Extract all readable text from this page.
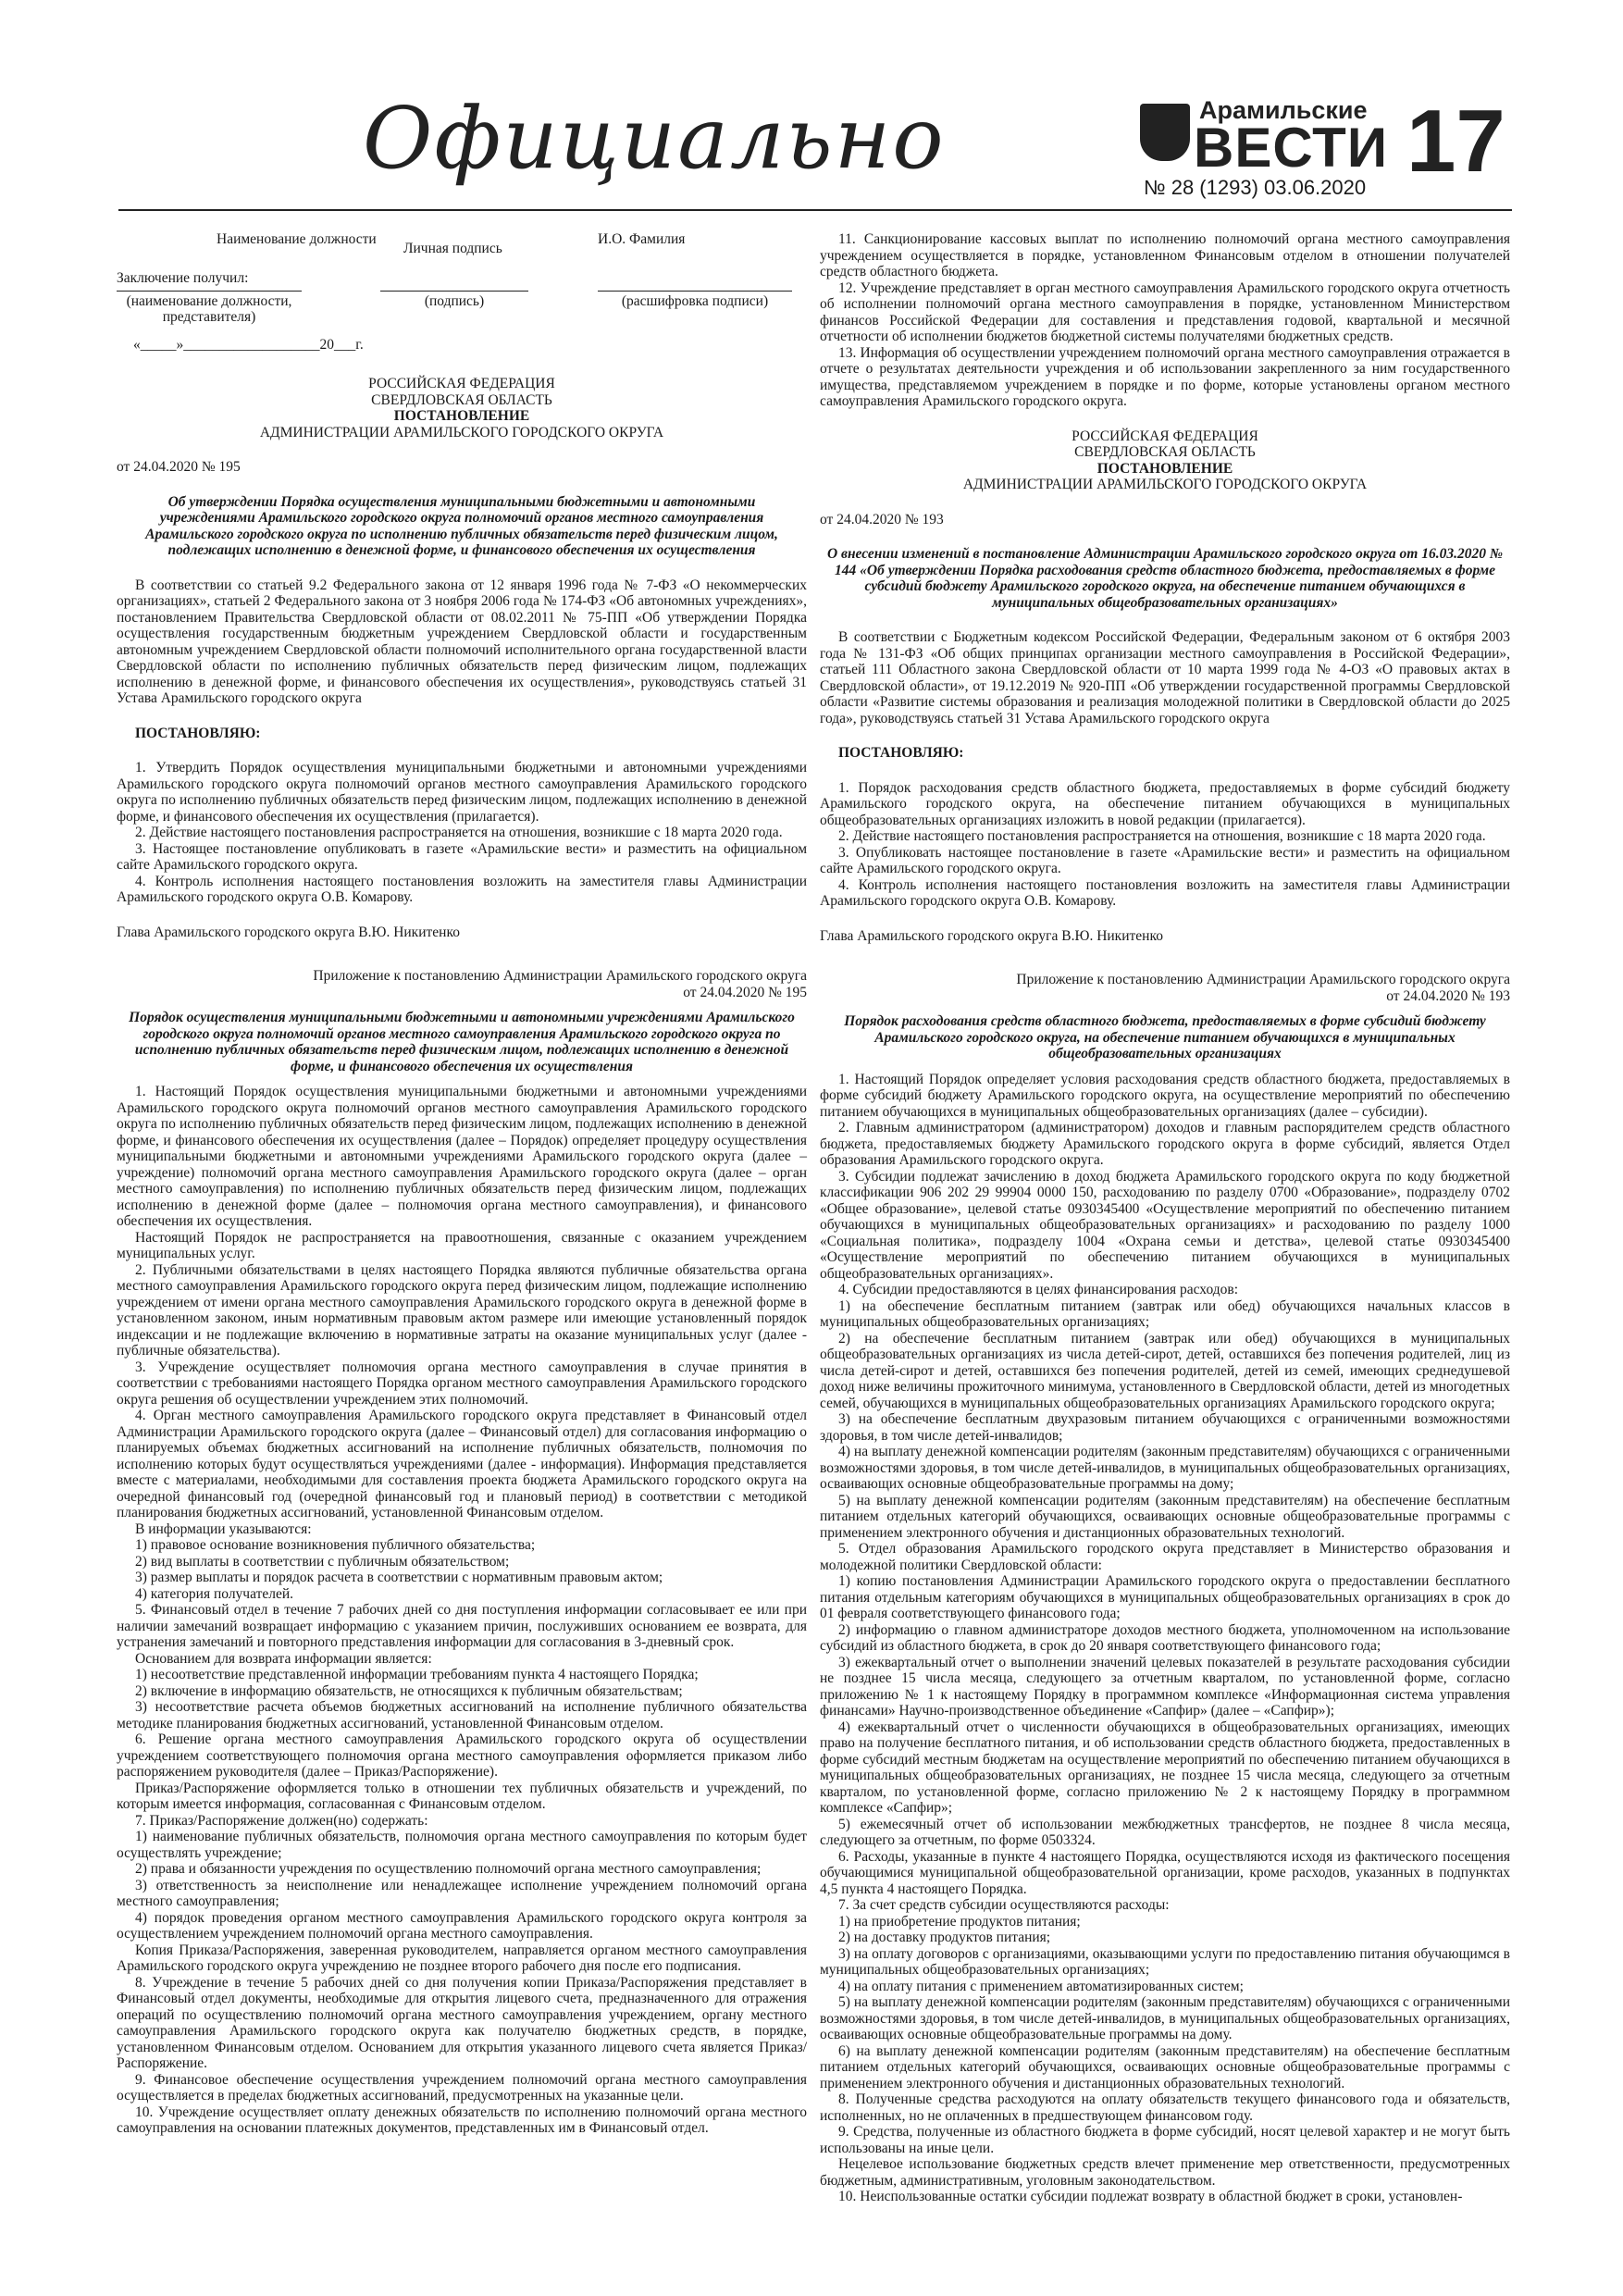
Официально	Арамильские
ВЕСТИ
№ 28 (1293) 03.06.2020 17
Наименование должности
Личная подпись
И.О. Фамилия
Заключение получил:
(наименование должности, представителя)
(подпись)	(расшифровка подписи)
«_____»___________________20___г.

РОССИЙСКАЯ ФЕДЕРАЦИЯ

СВЕРДЛОВСКАЯ ОБЛАСТЬ

ПОСТАНОВЛЕНИЕ

АДМИНИСТРАЦИИ АРАМИЛЬСКОГО ГОРОДСКОГО ОКРУГА

от 24.04.2020 № 195

Об утверждении Порядка осуществления муниципальными бюджетными и автономными учреждениями Арамильского городского округа полномочий органов местного самоуправления Арамильского городского округа по исполнению публичных обязательств перед физическим лицом, подлежащих исполнению в денежной форме, и финансового обеспечения их осуществления

В соответствии со статьей 9.2 Федерального закона от 12 января 1996 года № 7-ФЗ «О некоммерческих организациях», статьей 2 Федерального закона от 3 ноября 2006 года № 174-ФЗ «Об автономных учреждениях», постановлением Правительства Свердловской области от 08.02.2011 № 75-ПП «Об утверждении Порядка осуществления государственным бюджетным учреждением Свердловской области и государственным автономным учреждением Свердловской области полномочий исполнительного органа государственной власти Свердловской области по исполнению публичных обязательств перед физическим лицом, подлежащих исполнению в денежной форме, и финансового обеспечения их осуществления», руководствуясь статьей 31 Устава Арамильского городского округа

ПОСТАНОВЛЯЮ:

1. Утвердить Порядок осуществления муниципальными бюджетными и автономными учреждениями Арамильского городского округа полномочий органов местного самоуправления Арамильского городского округа по исполнению публичных обязательств перед физическим лицом, подлежащих исполнению в денежной форме, и финансового обеспечения их осуществления (прилагается).

2. Действие настоящего постановления распространяется на отношения, возникшие с 18 марта 2020 года.

3. Настоящее постановление опубликовать в газете «Арамильские вести» и разместить на официальном сайте Арамильского городского округа.

4. Контроль исполнения настоящего постановления возложить на заместителя главы Администрации Арамильского городского округа О.В. Комарову.

Глава Арамильского городского округа В.Ю. Никитенко

Приложение к постановлению Администрации Арамильского городского округа

от 24.04.2020 № 195

Порядок осуществления муниципальными бюджетными и автономными учреждениями Арамильского городского округа полномочий органов местного самоуправления Арамильского городского округа по исполнению публичных обязательств перед физическим лицом, подлежащих исполнению в денежной форме, и финансового обеспечения их осуществления

1. Настоящий Порядок осуществления муниципальными бюджетными и автономными учреждениями Арамильского городского округа полномочий органов местного самоуправления Арамильского городского округа по исполнению публичных обязательств перед физическим лицом, подлежащих исполнению в денежной форме, и финансового обеспечения их осуществления (далее – Порядок) определяет процедуру осуществления муниципальными бюджетными и автономными учреждениями Арамильского городского округа (далее – учреждение) полномочий органа местного самоуправления Арамильского городского округа (далее – орган местного самоуправления) по исполнению публичных обязательств перед физическим лицом, подлежащих исполнению в денежной форме (далее – полномочия органа местного самоуправления), и финансового обеспечения их осуществления.

Настоящий Порядок не распространяется на правоотношения, связанные с оказанием учреждением муниципальных услуг.

2. Публичными обязательствами в целях настоящего Порядка являются публичные обязательства органа местного самоуправления Арамильского городского округа перед физическим лицом, подлежащие исполнению учреждением от имени органа местного самоуправления Арамильского городского округа в денежной форме в установленном законом, иным нормативным правовым актом размере или имеющие установленный порядок индексации и не подлежащие включению в нормативные затраты на оказание муниципальных услуг (далее - публичные обязательства).

3. Учреждение осуществляет полномочия органа местного самоуправления в случае принятия в соответствии с требованиями настоящего Порядка органом местного самоуправления Арамильского городского округа решения об осуществлении учреждением этих полномочий.

4. Орган местного самоуправления Арамильского городского округа представляет в Финансовый отдел Администрации Арамильского городского округа (далее – Финансовый отдел) для согласования информацию о планируемых объемах бюджетных ассигнований на исполнение публичных обязательств, полномочия по исполнению которых будут осуществляться учреждениями (далее - информация). Информация представляется вместе с материалами, необходимыми для составления проекта бюджета Арамильского городского округа на очередной финансовый год (очередной финансовый год и плановый период) в соответствии с методикой планирования бюджетных ассигнований, установленной Финансовым отделом.

В информации указываются:

1) правовое основание возникновения публичного обязательства;

2) вид выплаты в соответствии с публичным обязательством;

3) размер выплаты и порядок расчета в соответствии с нормативным правовым актом;

4) категория получателей.

5. Финансовый отдел в течение 7 рабочих дней со дня поступления информации согласовывает ее или при наличии замечаний возвращает информацию с указанием причин, послуживших основанием ее возврата, для устранения замечаний и повторного представления информации для согласования в 3-дневный срок.

Основанием для возврата информации является:

1) несоответствие представленной информации требованиям пункта 4 настоящего Порядка;

2) включение в информацию обязательств, не относящихся к публичным обязательствам;

3) несоответствие расчета объемов бюджетных ассигнований на исполнение публичного обязательства методике планирования бюджетных ассигнований, установленной Финансовым отделом.

6. Решение органа местного самоуправления Арамильского городского округа об осуществлении учреждением соответствующего полномочия органа местного самоуправления оформляется приказом либо распоряжением руководителя (далее – Приказ/Распоряжение).

Приказ/Распоряжение оформляется только в отношении тех публичных обязательств и учреждений, по которым имеется информация, согласованная с Финансовым отделом.

7. Приказ/Распоряжение должен(но) содержать:

1) наименование публичных обязательств, полномочия органа местного самоуправления по которым будет осуществлять учреждение;

2) права и обязанности учреждения по осуществлению полномочий органа местного самоуправления;

3) ответственность за неисполнение или ненадлежащее исполнение учреждением полномочий органа местного самоуправления;

4) порядок проведения органом местного самоуправления Арамильского городского округа контроля за осуществлением учреждением полномочий органа местного самоуправления.

Копия Приказа/Распоряжения, заверенная руководителем, направляется органом местного самоуправления Арамильского городского округа учреждению не позднее второго рабочего дня после его подписания.

8. Учреждение в течение 5 рабочих дней со дня получения копии Приказа/Распоряжения представляет в Финансовый отдел документы, необходимые для открытия лицевого счета, предназначенного для отражения операций по осуществлению полномочий органа местного самоуправления учреждением, органу местного самоуправления Арамильского городского округа как получателю бюджетных средств, в порядке, установленном Финансовым отделом. Основанием для открытия указанного лицевого счета является Приказ/Распоряжение.

9. Финансовое обеспечение осуществления учреждением полномочий органа местного самоуправления осуществляется в пределах бюджетных ассигнований, предусмотренных на указанные цели.

10. Учреждение осуществляет оплату денежных обязательств по исполнению полномочий органа местного самоуправления на основании платежных документов, представленных им в Финансовый отдел.

11. Санкционирование кассовых выплат по исполнению полномочий органа местного самоуправления учреждением осуществляется в порядке, установленном Финансовым отделом в отношении получателей средств областного бюджета.

12. Учреждение представляет в орган местного самоуправления Арамильского городского округа отчетность об исполнении полномочий органа местного самоуправления в порядке, установленном Министерством финансов Российской Федерации для составления и представления годовой, квартальной и месячной отчетности об исполнении бюджетов бюджетной системы получателями бюджетных средств.

13. Информация об осуществлении учреждением полномочий органа местного самоуправления отражается в отчете о результатах деятельности учреждения и об использовании закрепленного за ним государственного имущества, представляемом учреждением в порядке и по форме, которые установлены органом местного самоуправления Арамильского городского округа.

РОССИЙСКАЯ ФЕДЕРАЦИЯ

СВЕРДЛОВСКАЯ ОБЛАСТЬ

ПОСТАНОВЛЕНИЕ

АДМИНИСТРАЦИИ АРАМИЛЬСКОГО ГОРОДСКОГО ОКРУГА

от 24.04.2020 № 193

О внесении изменений в постановление Администрации Арамильского городского округа от 16.03.2020 № 144 «Об утверждении Порядка расходования средств областного бюджета, предоставляемых в форме субсидий бюджету Арамильского городского округа, на обеспечение питанием обучающихся в муниципальных общеобразовательных организациях»

В соответствии с Бюджетным кодексом Российской Федерации, Федеральным законом от 6 октября 2003 года № 131-ФЗ «Об общих принципах организации местного самоуправления в Российской Федерации», статьей 111 Областного закона Свердловской области от 10 марта 1999 года № 4-ОЗ «О правовых актах в Свердловской области», от 19.12.2019 № 920-ПП «Об утверждении государственной программы Свердловской области «Развитие системы образования и реализация молодежной политики в Свердловской области до 2025 года», руководствуясь статьей 31 Устава Арамильского городского округа

ПОСТАНОВЛЯЮ:

1. Порядок расходования средств областного бюджета, предоставляемых в форме субсидий бюджету Арамильского городского округа, на обеспечение питанием обучающихся в муниципальных общеобразовательных организациях изложить в новой редакции (прилагается).

2. Действие настоящего постановления распространяется на отношения, возникшие с 18 марта 2020 года.

3. Опубликовать настоящее постановление в газете «Арамильские вести» и разместить на официальном сайте Арамильского городского округа.

4. Контроль исполнения настоящего постановления возложить на заместителя главы Администрации Арамильского городского округа О.В. Комарову.

Глава Арамильского городского округа В.Ю. Никитенко

Приложение к постановлению Администрации Арамильского городского округа

от 24.04.2020 № 193

Порядок расходования средств областного бюджета, предоставляемых в форме субсидий бюджету Арамильского городского округа, на обеспечение питанием обучающихся в муниципальных общеобразовательных организациях

1. Настоящий Порядок определяет условия расходования средств областного бюджета, предоставляемых в форме субсидий бюджету Арамильского городского округа, на осуществление мероприятий по обеспечению питанием обучающихся в муниципальных общеобразовательных организациях (далее – субсидии).

2. Главным администратором (администратором) доходов и главным распорядителем средств областного бюджета, предоставляемых бюджету Арамильского городского округа в форме субсидий, является Отдел образования Арамильского городского округа.

3. Субсидии подлежат зачислению в доход бюджета Арамильского городского округа по коду бюджетной классификации 906 202 29 99904 0000 150, расходованию по разделу 0700 «Образование», подразделу 0702 «Общее образование», целевой статье 0930345400 «Осуществление мероприятий по обеспечению питанием обучающихся в муниципальных общеобразовательных организациях» и расходованию по разделу 1000 «Социальная политика», подразделу 1004 «Охрана семьи и детства», целевой статье 0930345400 «Осуществление мероприятий по обеспечению питанием обучающихся в муниципальных общеобразовательных организациях».

4. Субсидии предоставляются в целях финансирования расходов:

1) на обеспечение бесплатным питанием (завтрак или обед) обучающихся начальных классов в муниципальных общеобразовательных организациях;

2) на обеспечение бесплатным питанием (завтрак или обед) обучающихся в муниципальных общеобразовательных организациях из числа детей-сирот, детей, оставшихся без попечения родителей, лиц из числа детей-сирот и детей, оставшихся без попечения родителей, детей из семей, имеющих среднедушевой доход ниже величины прожиточного минимума, установленного в Свердловской области, детей из многодетных семей, обучающихся в муниципальных общеобразовательных организациях Арамильского городского округа;

3) на обеспечение бесплатным двухразовым питанием обучающихся с ограниченными возможностями здоровья, в том числе детей-инвалидов;

4) на выплату денежной компенсации родителям (законным представителям) обучающихся с ограниченными возможностями здоровья, в том числе детей-инвалидов, в муниципальных общеобразовательных организациях, осваивающих основные общеобразовательные программы на дому;

5) на выплату денежной компенсации родителям (законным представителям) на обеспечение бесплатным питанием отдельных категорий обучающихся, осваивающих основные общеобразовательные программы с применением электронного обучения и дистанционных образовательных технологий.

5. Отдел образования Арамильского городского округа представляет в Министерство образования и молодежной политики Свердловской области:

1) копию постановления Администрации Арамильского городского округа о предоставлении бесплатного питания отдельным категориям обучающихся в муниципальных общеобразовательных организациях в срок до 01 февраля соответствующего финансового года;

2) информацию о главном администраторе доходов местного бюджета, уполномоченном на использование субсидий из областного бюджета, в срок до 20 января соответствующего финансового года;

3) ежеквартальный отчет о выполнении значений целевых показателей в результате расходования субсидии не позднее 15 числа месяца, следующего за отчетным кварталом, по установленной форме, согласно приложению № 1 к настоящему Порядку в программном комплексе «Информационная система управления финансами» Научно-производственное объединение «Сапфир» (далее – «Сапфир»);

4) ежеквартальный отчет о численности обучающихся в общеобразовательных организациях, имеющих право на получение бесплатного питания, и об использовании средств областного бюджета, предоставленных в форме субсидий местным бюджетам на осуществление мероприятий по обеспечению питанием обучающихся в муниципальных общеобразовательных организациях, не позднее 15 числа месяца, следующего за отчетным кварталом, по установленной форме, согласно приложению № 2 к настоящему Порядку в программном комплексе «Сапфир»;

5) ежемесячный отчет об использовании межбюджетных трансфертов, не позднее 8 числа месяца, следующего за отчетным, по форме 0503324.

6. Расходы, указанные в пункте 4 настоящего Порядка, осуществляются исходя из фактического посещения обучающимися муниципальной общеобразовательной организации, кроме расходов, указанных в подпунктах 4,5 пункта 4 настоящего Порядка.

7. За счет средств субсидии осуществляются расходы:

1) на приобретение продуктов питания;

2) на доставку продуктов питания;

3) на оплату договоров с организациями, оказывающими услуги по предоставлению питания обучающимся в муниципальных общеобразовательных организациях;

4) на оплату питания с применением автоматизированных систем;

5) на выплату денежной компенсации родителям (законным представителям) обучающихся с ограниченными возможностями здоровья, в том числе детей-инвалидов, в муниципальных общеобразовательных организациях, осваивающих основные общеобразовательные программы на дому.

6) на выплату денежной компенсации родителям (законным представителям) на обеспечение бесплатным питанием отдельных категорий обучающихся, осваивающих основные общеобразовательные программы с применением электронного обучения и дистанционных образовательных технологий.

8. Полученные средства расходуются на оплату обязательств текущего финансового года и обязательств, исполненных, но не оплаченных в предшествующем финансовом году.

9. Средства, полученные из областного бюджета в форме субсидий, носят целевой характер и не могут быть использованы на иные цели.

Нецелевое использование бюджетных средств влечет применение мер ответственности, предусмотренных бюджетным, административным, уголовным законодательством.

10. Неиспользованные остатки субсидии подлежат возврату в областной бюджет в сроки, установлен-
